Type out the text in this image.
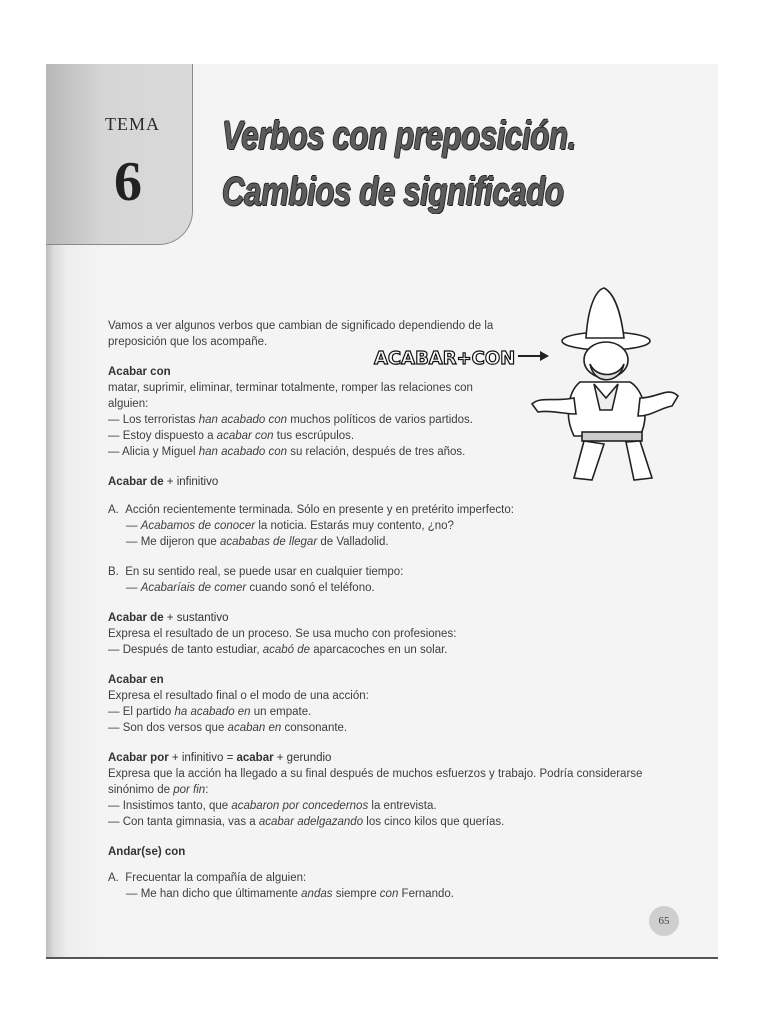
TEMA
6
Verbos con preposición.
Cambios de significado
ACABAR+CON

Vamos a ver algunos verbos que cambian de significado dependiendo de la

preposición que los acompañe.

Acabar con

matar, suprimir, eliminar, terminar totalmente, romper las relaciones con

alguien:

— Los terroristas han acabado con muchos políticos de varios partidos.

— Estoy dispuesto a acabar con tus escrúpulos.

— Alicia y Miguel han acabado con su relación, después de tres años.

Acabar de + infinitivo

A. Acción recientemente terminada. Sólo en presente y en pretérito imperfecto:

— Acabamos de conocer la noticia. Estarás muy contento, ¿no?

— Me dijeron que acababas de llegar de Valladolid.

B. En su sentido real, se puede usar en cualquier tiempo:

— Acabaríais de comer cuando sonó el teléfono.

Acabar de + sustantivo

Expresa el resultado de un proceso. Se usa mucho con profesiones:

— Después de tanto estudiar, acabó de aparcacoches en un solar.

Acabar en

Expresa el resultado final o el modo de una acción:

— El partido ha acabado en un empate.

— Son dos versos que acaban en consonante.

Acabar por + infinitivo = acabar + gerundio

Expresa que la acción ha llegado a su final después de muchos esfuerzos y trabajo. Podría considerarse

sinónimo de por fin:

— Insistimos tanto, que acabaron por concedernos la entrevista.

— Con tanta gimnasia, vas a acabar adelgazando los cinco kilos que querías.

Andar(se) con

A. Frecuentar la compañía de alguien:

— Me han dicho que últimamente andas siempre con Fernando.

65
